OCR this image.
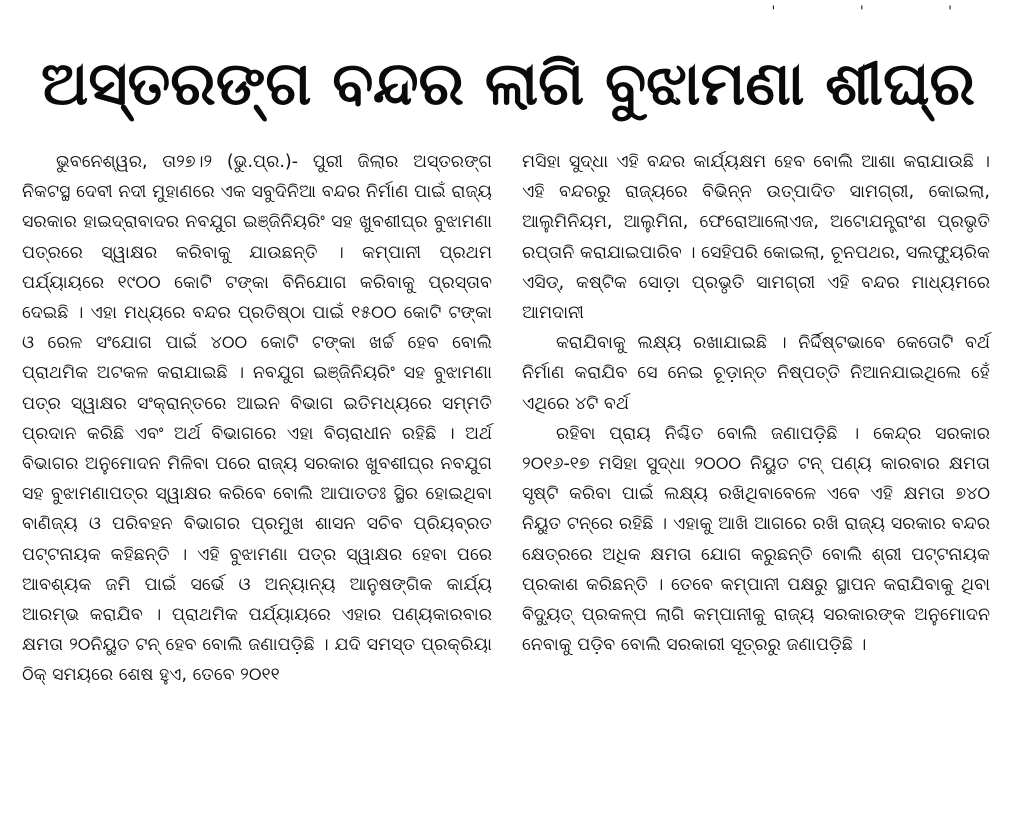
' ' '
ଅସ୍ତରଙ୍ଗ ବନ୍ଦର ଲାଗି ବୁଝାମଣା ଶୀଘ୍ର

ଭୁବନେଶ୍ୱର, ତା୨୭।୨ (ଭୁ.ପ୍ର.)- ପୁରୀ ଜିଲାର ଅସ୍ତରଙ୍ଗ ନିକଟସ୍ଥ ଦେବୀ ନଦୀ ମୁହାଣରେ ଏକ ସବୁଦିନିଆ ବନ୍ଦର ନିର୍ମାଣ ପାଇଁ ରାଜ୍ୟ ସରକାର ହାଇଦ୍ରାବାଦର ନବଯୁଗ ଇଞ୍ଜିନିୟରିଂ ସହ ଖୁବଶୀଘ୍ର ବୁଝାମଣା ପତ୍ରରେ ସ୍ୱାକ୍ଷର କରିବାକୁ ଯାଉଛନ୍ତି । କମ୍ପାନୀ ପ୍ରଥମ ପର୍ଯ୍ୟାୟରେ ୧୯୦୦ କୋଟି ଟଙ୍କା ବିନିଯୋଗ କରିବାକୁ ପ୍ରସ୍ତାବ ଦେଇଛି । ଏହା ମଧ୍ୟରେ ବନ୍ଦର ପ୍ରତିଷ୍ଠା ପାଇଁ ୧୫୦୦ କୋଟି ଟଙ୍କା ଓ ରେଳ ସଂଯୋଗ ପାଇଁ ୪୦୦ କୋଟି ଟଙ୍କା ଖର୍ଚ୍ଚ ହେବ ବୋଲି ପ୍ରାଥମିକ ଅଟକଳ କରାଯାଇଛି । ନବଯୁଗ ଇଞ୍ଜିନିୟରିଂ ସହ ବୁଝାମଣା ପତ୍ର ସ୍ୱାକ୍ଷର ସଂକ୍ରାନ୍ତରେ ଆଇନ ବିଭାଗ ଇତିମଧ୍ୟରେ ସମ୍ମତି ପ୍ରଦାନ କରିଛି ଏବଂ ଅର୍ଥ ବିଭାଗରେ ଏହା ବିଚାରାଧୀନ ରହିଛି । ଅର୍ଥ ବିଭାଗର ଅନୁମୋଦନ ମିଳିବା ପରେ ରାଜ୍ୟ ସରକାର ଖୁବଶୀଘ୍ର ନବଯୁଗ ସହ ବୁଝାମଣାପତ୍ର ସ୍ୱାକ୍ଷର କରିବେ ବୋଲି ଆପାତତଃ ସ୍ଥିର ହୋଇଥିବା ବାଣିଜ୍ୟ ଓ ପରିବହନ ବିଭାଗର ପ୍ରମୁଖ ଶାସନ ସଚିବ ପ୍ରିୟବ୍ରତ ପଟ୍ଟନାୟକ କହିଛନ୍ତି । ଏହି ବୁଝାମଣା ପତ୍ର ସ୍ୱାକ୍ଷର ହେବା ପରେ ଆବଶ୍ୟକ ଜମି ପାଇଁ ସର୍ଭେ ଓ ଅନ୍ୟାନ୍ୟ ଆନୁଷଙ୍ଗିକ କାର୍ଯ୍ୟ ଆରମ୍ଭ କରାଯିବ । ପ୍ରାଥମିକ ପର୍ଯ୍ୟାୟରେ ଏହାର ପଣ୍ୟକାରବାର କ୍ଷମତା ୨୦ନିୟୁତ ଟନ୍ ହେବ ବୋଲି ଜଣାପଡ଼ିଛି । ଯଦି ସମସ୍ତ ପ୍ରକ୍ରିୟା ଠିକ୍ ସମୟରେ ଶେଷ ହୁଏ, ତେବେ ୨୦୧୧

ମସିହା ସୁଦ୍ଧା ଏହି ବନ୍ଦର କାର୍ଯ୍ୟକ୍ଷମ ହେବ ବୋଲି ଆଶା କରାଯାଉଛି । ଏହି ବନ୍ଦରରୁ ରାଜ୍ୟରେ ବିଭିନ୍ନ ଉତ୍ପାଦିତ ସାମଗ୍ରୀ, କୋଇଲା, ଆଲୁମିନିୟମ, ଆଲୁମିନା, ଫେରୋଆଲୋଏଜ, ଅଟୋଯନ୍ତ୍ରାଂଶ ପ୍ରଭୃତି ରପ୍ତାନି କରାଯାଇପାରିବ । ସେହିପରି କୋଇଲା, ଚୂନପଥର, ସଲଫ୍ୟୁରିକ ଏସିଡ୍, କଷ୍ଟିକ ସୋଡ଼ା ପ୍ରଭୃତି ସାମଗ୍ରୀ ଏହି ବନ୍ଦର ମାଧ୍ୟମରେ ଆମଦାନୀ

କରାଯିବାକୁ ଲକ୍ଷ୍ୟ ରଖାଯାଇଛି । ନିର୍ଦ୍ଦିଷ୍ଟଭାବେ କେତୋଟି ବର୍ଥ ନିର୍ମାଣ କରାଯିବ ସେ ନେଇ ଚୂଡ଼ାନ୍ତ ନିଷ୍ପତ୍ତି ନିଆନଯାଇଥିଲେ ହେଁ ଏଥିରେ ୪ଟି ବର୍ଥ

ରହିବା ପ୍ରାୟ ନିଶ୍ଚିତ ବୋଲି ଜଣାପଡ଼ିଛି । କେନ୍ଦ୍ର ସରକାର ୨୦୧୬-୧୭ ମସିହା ସୁଦ୍ଧା ୨୦୦୦ ନିୟୁତ ଟନ୍ ପଣ୍ୟ କାରବାର କ୍ଷମତା ସୃଷ୍ଟି କରିବା ପାଇଁ ଲକ୍ଷ୍ୟ ରଖିଥିବାବେଳେ ଏବେ ଏହି କ୍ଷମତା ୭୪୦ ନିୟୁତ ଟନ୍‌ରେ ରହିଛି । ଏହାକୁ ଆଖି ଆଗରେ ରଖି ରାଜ୍ୟ ସରକାର ବନ୍ଦର କ୍ଷେତ୍ରରେ ଅଧିକ କ୍ଷମତା ଯୋଗ କରୁଛନ୍ତି ବୋଲି ଶ୍ରୀ ପଟ୍ଟନାୟକ ପ୍ରକାଶ କରିଛନ୍ତି । ତେବେ କମ୍ପାନୀ ପକ୍ଷରୁ ସ୍ଥାପନ କରାଯିବାକୁ ଥିବା ବିଦ୍ୟୁତ୍ ପ୍ରକଳ୍ପ ଲାଗି କମ୍ପାନୀକୁ ରାଜ୍ୟ ସରକାରଙ୍କ ଅନୁମୋଦନ ନେବାକୁ ପଡ଼ିବ ବୋଲି ସରକାରୀ ସୂତ୍ରରୁ ଜଣାପଡ଼ିଛି ।
